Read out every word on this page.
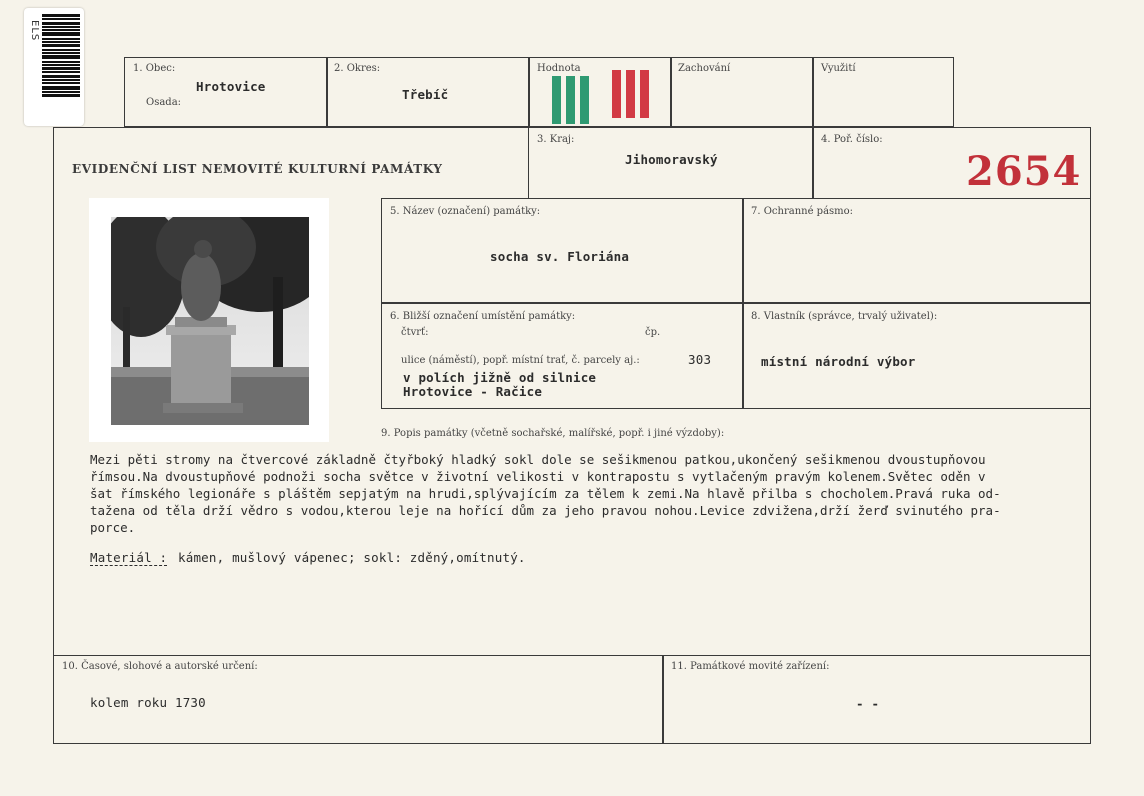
ELS
1. Obec:
Hrotovice
Osada:
2. Okres:
Třebíč
Hodnota	Zachování	Využití
EVIDENČNÍ LIST NEMOVITÉ KULTURNÍ PAMÁTKY
3. Kraj:
Jihomoravský
4. Poř. číslo:
2654
5. Název (označení) památky:
socha sv. Floriána
7. Ochranné pásmo:
6. Bližší označení umístění památky:
čtvrť:	čp.
ulice (náměstí), popř. místní trať, č. parcely aj.:	303
v polích jižně od silnice
Hrotovice - Račice
8. Vlastník (správce, trvalý uživatel):
místní národní výbor
9. Popis památky (včetně sochařské, malířské, popř. i jiné výzdoby):
Mezi pěti stromy na čtvercové základně čtyřboký hladký sokl dole se sešikmenou patkou,ukončený sešikmenou dvoustupňovou
římsou.Na dvoustupňové podnoži socha světce v životní velikosti v kontrapostu s vytlačeným pravým kolenem.Světec oděn v
šat římského legionáře s pláštěm sepjatým na hrudi,splývajícím za tělem k zemi.Na hlavě přilba s chocholem.Pravá ruka od-
tažena od těla drží vědro s vodou,kterou leje na hořící dům za jeho pravou nohou.Levice zdvižena,drží žerď svinutého pra-
porce.
Materiál : kámen, mušlový vápenec; sokl: zděný,omítnutý.
10. Časové, slohové a autorské určení:
kolem roku 1730
11. Památkové movité zařízení:
- -
